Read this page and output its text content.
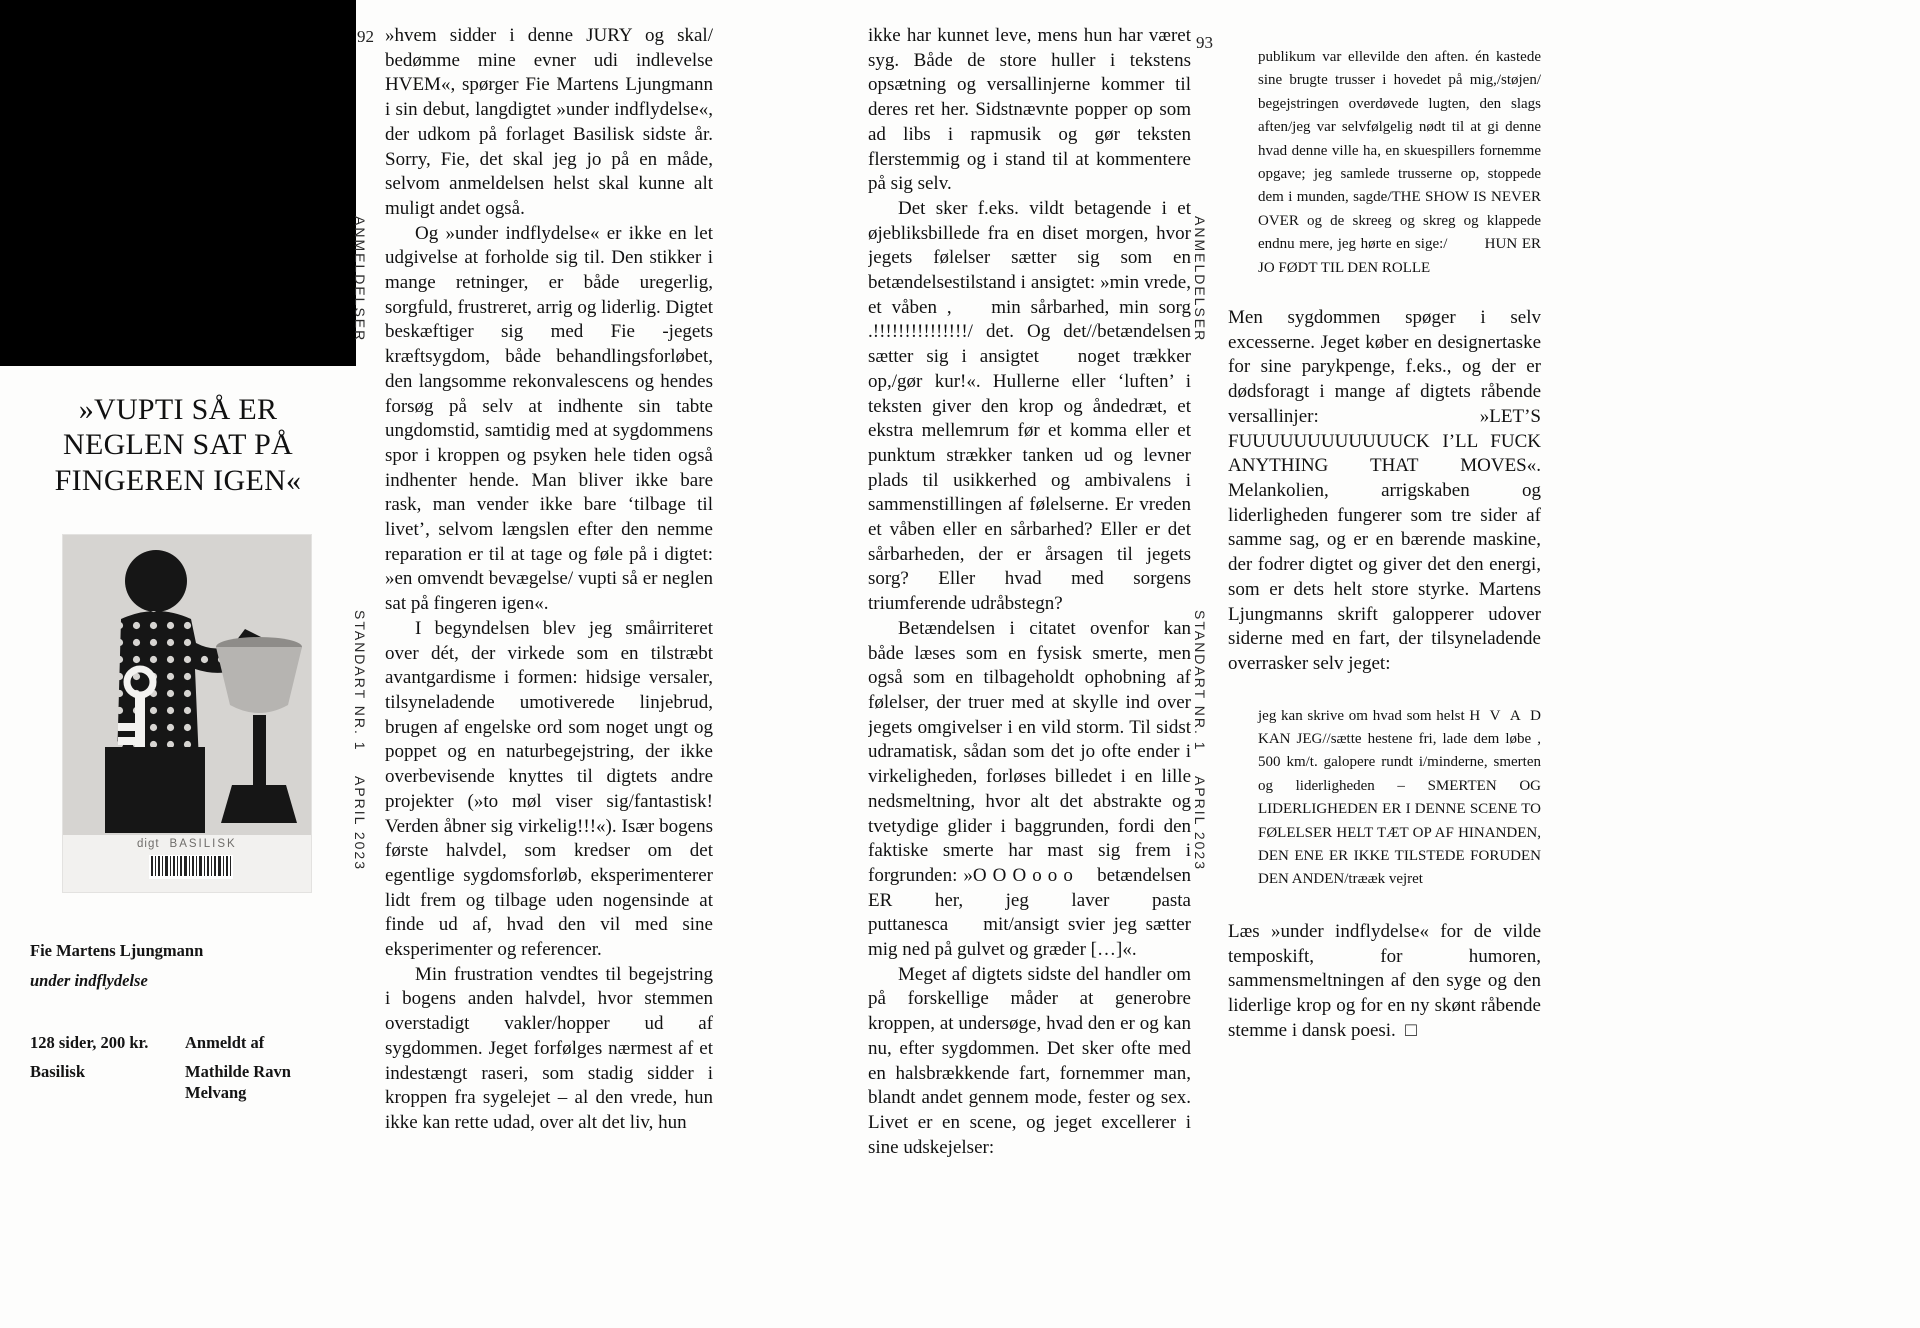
»VUPTI SÅ ER
NEGLEN SAT PÅ
FINGEREN IGEN«
digt BASILISK

Fie Martens Ljungmann

under indflydelse

128 sider, 200 kr.	Anmeldt af
Basilisk	Mathilde Ravn Melvang
92
ANMELDELSER
STANDART NR. 1
APRIL 2023
93
ANMELDELSER
STANDART NR. 1
APRIL 2023

»hvem sidder i denne JURY og skal/ bedømme mine evner udi indlevelse HVEM«, spørger Fie Martens Ljungmann i sin debut, langdigtet »under indflydelse«, der udkom på forlaget Basilisk sidste år. Sorry, Fie, det skal jeg jo på en måde, selvom anmeldelsen helst skal kunne alt muligt andet også.

Og »under indflydelse« er ikke en let udgivelse at forholde sig til. Den stikker i mange retninger, er både uregerlig, sorgfuld, frustreret, arrig og liderlig. Digtet beskæftiger sig med Fie -jegets kræftsygdom, både behandlingsforløbet, den langsomme rekonvalescens og hendes forsøg på selv at indhente sin tabte ungdomstid, samtidig med at sygdommens spor i kroppen og psyken hele tiden også indhenter hende. Man bliver ikke bare rask, man vender ikke bare ‘tilbage til livet’, selvom længslen efter den nemme reparation er til at tage og føle på i digtet: »en omvendt bevægelse/ vupti så er neglen sat på fingeren igen«.

I begyndelsen blev jeg småirriteret over dét, der virkede som en tilstræbt avantgardisme i formen: hidsige versaler, tilsyneladende umotiverede linjebrud, brugen af engelske ord som noget ungt og poppet og en naturbegejstring, der ikke overbevisende knyttes til digtets andre projekter (»to møl viser sig/fantastisk! Verden åbner sig virkelig!!!«). Især bogens første halvdel, som kredser om det egentlige sygdomsforløb, eksperimenterer lidt frem og tilbage uden nogensinde at finde ud af, hvad den vil med sine eksperimenter og referencer.

Min frustration vendtes til begejstring i bogens anden halvdel, hvor stemmen overstadigt vakler/hopper ud af sygdommen. Jeget forfølges nærmest af et indestængt raseri, som stadig sidder i kroppen fra sygelejet – al den vrede, hun ikke kan rette udad, over alt det liv, hun

ikke har kunnet leve, mens hun har været syg. Både de store huller i tekstens opsætning og versallinjerne kommer til deres ret her. Sidstnævnte popper op som ad libs i rapmusik og gør teksten flerstemmig og i stand til at kommentere på sig selv.

Det sker f.eks. vildt betagende i et øjebliksbillede fra en diset morgen, hvor jegets følelser sætter sig som en betændelsestilstand i ansigtet: »min vrede, et våben ,    min sårbarhed, min sorg .!!!!!!!!!!!!!!!/ det. Og det//betændelsen sætter sig i ansigtet   noget trækker op,/gør kur!«. Hullerne eller ‘luften’ i teksten giver den krop og åndedræt, et ekstra mellemrum før et komma eller et punktum strækker tanken ud og levner plads til usikkerhed og ambivalens i sammenstillingen af følelserne. Er vreden et våben eller en sårbarhed? Eller er det sårbarheden, der er årsagen til jegets sorg? Eller hvad med sorgens triumferende udråbstegn?

Betændelsen i citatet ovenfor kan både læses som en fysisk smerte, men også som en tilbageholdt ophobning af følelser, der truer med at skylle ind over jegets omgivelser i en vild storm. Til sidst udramatisk, sådan som det jo ofte ender i virkeligheden, forløses billedet i en lille nedsmeltning, hvor alt det abstrakte og tvetydige glider i baggrunden, fordi den faktiske smerte har mast sig frem i forgrunden: »O O O o o o    betændelsen ER her, jeg laver pasta puttanesca    mit/ansigt svier jeg sætter mig ned på gulvet og græder […]«.

Meget af digtets sidste del handler om på forskellige måder at generobre kroppen, at undersøge, hvad den er og kan nu, efter sygdommen. Det sker ofte med en halsbrækkende fart, fornemmer man, blandt andet gennem mode, fester og sex. Livet er en scene, og jeget excellerer i sine udskejelser:

publikum var ellevilde den aften. én kastede sine brugte trusser i hovedet på mig,/støjen/ begejstringen overdøvede lugten, den slags aften/jeg var selvfølgelig nødt til at gi denne hvad denne ville ha, en skuespillers fornemme opgave; jeg samlede trusserne op, stoppede dem i munden, sagde/THE SHOW IS NEVER OVER og de skreeg og skreg og klappede endnu mere, jeg hørte en sige:/        HUN ER JO FØDT TIL DEN ROLLE

Men sygdommen spøger i selv excesserne. Jeget køber en designertaske for sine parykpenge, f.eks., og der er dødsforagt i mange af digtets råbende versallinjer: »LET’S FUUUUUUUUUUUUCK I’LL FUCK ANYTHING THAT MOVES«. Melankolien, arrigskaben og liderligheden fungerer som tre sider af samme sag, og er en bærende maskine, der fodrer digtet og giver det den energi, som er dets helt store styrke. Martens Ljungmanns skrift galopperer udover siderne med en fart, der tilsyneladende overrasker selv jeget:

jeg kan skrive om hvad som helst H  V  A  D KAN JEG//sætte hestene fri, lade dem løbe , 500 km/t. galopere rundt i/minderne, smerten og liderligheden – SMERTEN OG LIDERLIGHEDEN ER I DENNE SCENE TO FØLELSER HELT TÆT OP AF HINANDEN, DEN ENE ER IKKE TILSTEDE FORUDEN DEN ANDEN/trææk vejret

Læs »under indflydelse« for de vilde temposkift, for humoren, sammensmeltningen af den syge og den liderlige krop og for en ny skønt råbende stemme i dansk poesi.  □
